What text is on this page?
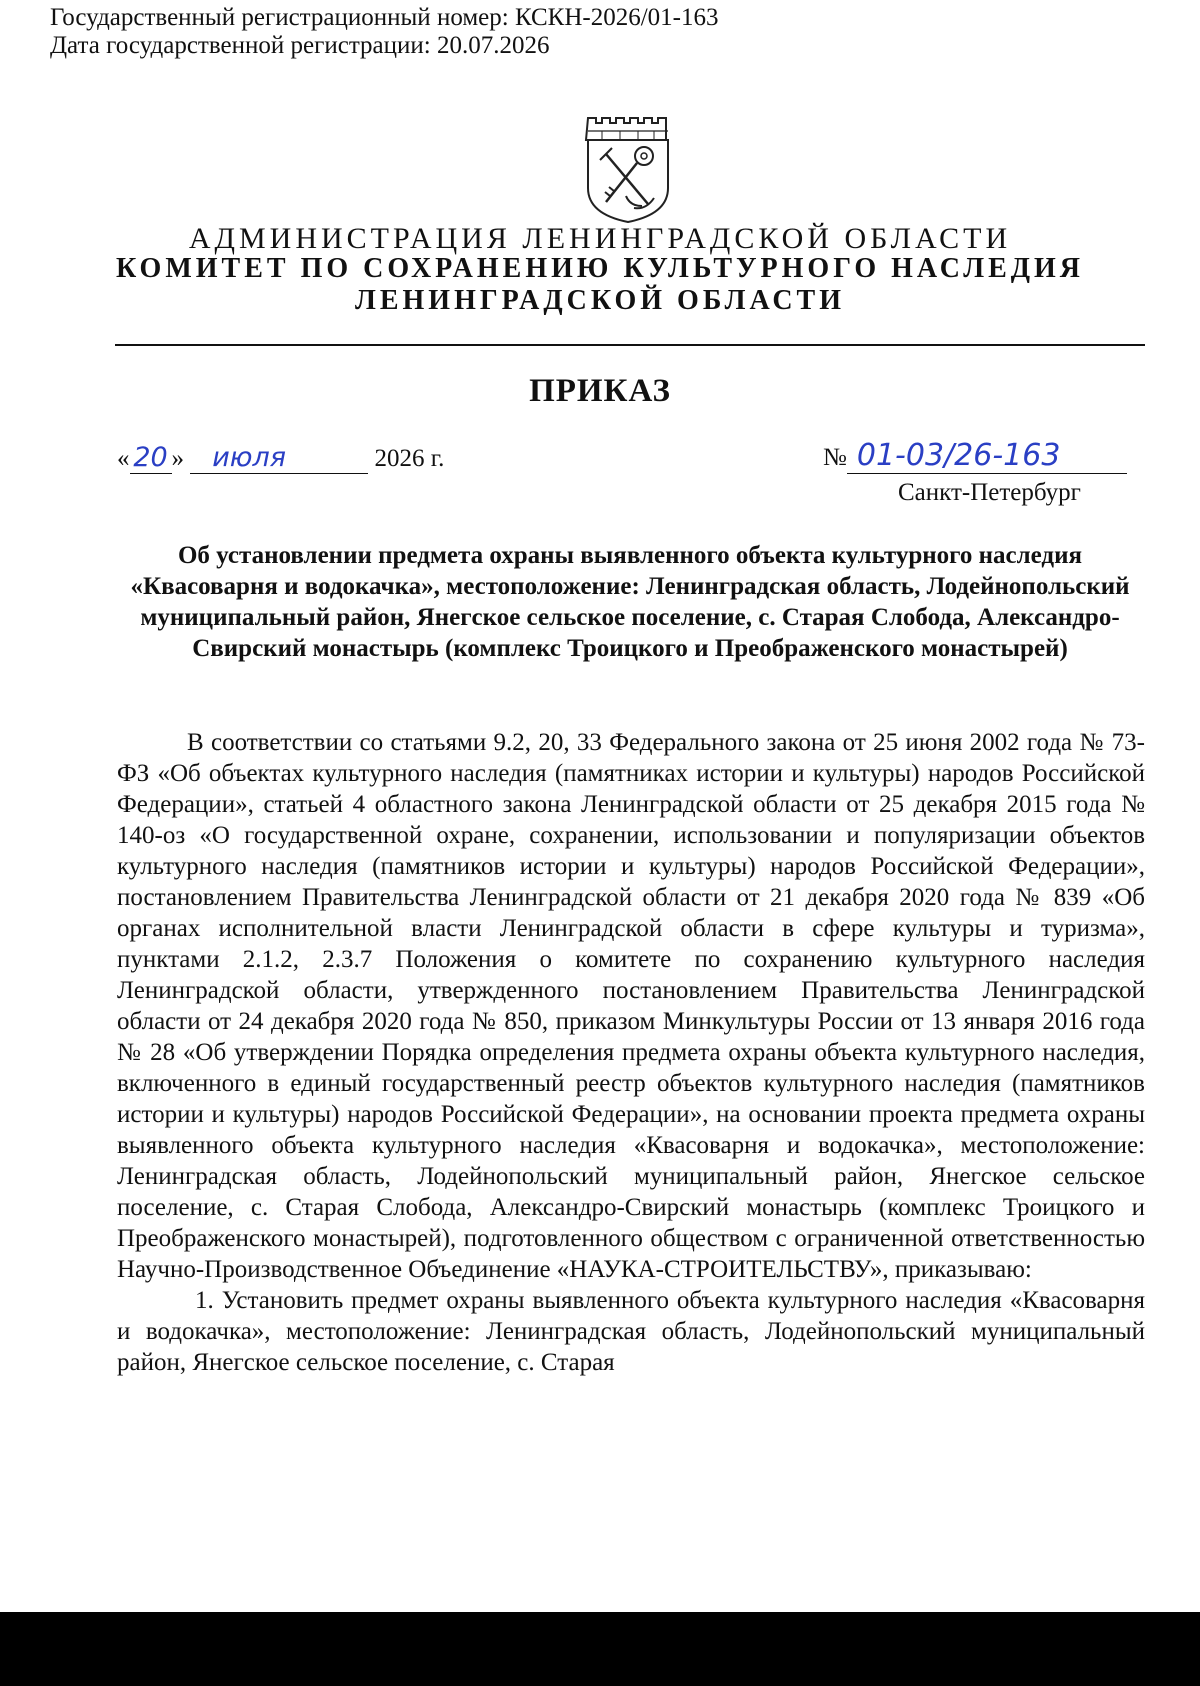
Государственный регистрационный номер: КСКН-2026/01-163
Дата государственной регистрации: 20.07.2026
АДМИНИСТРАЦИЯ ЛЕНИНГРАДСКОЙ ОБЛАСТИ
КОМИТЕТ ПО СОХРАНЕНИЮ КУЛЬТУРНОГО НАСЛЕДИЯ
ЛЕНИНГРАДСКОЙ ОБЛАСТИ
ПРИКАЗ
« 20 » июля	2026 г.	№ 01-03/26-163
Санкт-Петербург
Об установлении предмета охраны выявленного объекта культурного наследия «Квасоварня и водокачка», местоположение: Ленинградская область, Лодейнопольский муниципальный район, Янегское сельское поселение, с. Старая Слобода, Александро-Свирский монастырь (комплекс Троицкого и Преображенского монастырей)

В соответствии со статьями 9.2, 20, 33 Федерального закона от 25 июня 2002 года № 73-ФЗ «Об объектах культурного наследия (памятниках истории и культуры) народов Российской Федерации», статьей 4 областного закона Ленинградской области от 25 декабря 2015 года № 140-оз «О государственной охране, сохранении, использовании и популяризации объектов культурного наследия (памятников истории и культуры) народов Российской Федерации», постановлением Правительства Ленинградской области от 21 декабря 2020 года № 839 «Об органах исполнительной власти Ленинградской области в сфере культуры и туризма», пунктами 2.1.2, 2.3.7 Положения о комитете по сохранению культурного наследия Ленинградской области, утвержденного постановлением Правительства Ленинградской области от 24 декабря 2020 года № 850, приказом Минкультуры России от 13 января 2016 года № 28 «Об утверждении Порядка определения предмета охраны объекта культурного наследия, включенного в единый государственный реестр объектов культурного наследия (памятников истории и культуры) народов Российской Федерации», на основании проекта предмета охраны выявленного объекта культурного наследия «Квасоварня и водокачка», местоположение: Ленинградская область, Лодейнопольский муниципальный район, Янегское сельское поселение, с. Старая Слобода, Александро-Свирский монастырь (комплекс Троицкого и Преображенского монастырей), подготовленного обществом с ограниченной ответственностью Научно-Производственное Объединение «НАУКА-СТРОИТЕЛЬСТВУ», приказываю:

1. Установить предмет охраны выявленного объекта культурного наследия «Квасоварня и водокачка», местоположение: Ленинградская область, Лодейнопольский муниципальный район, Янегское сельское поселение, с. Старая
